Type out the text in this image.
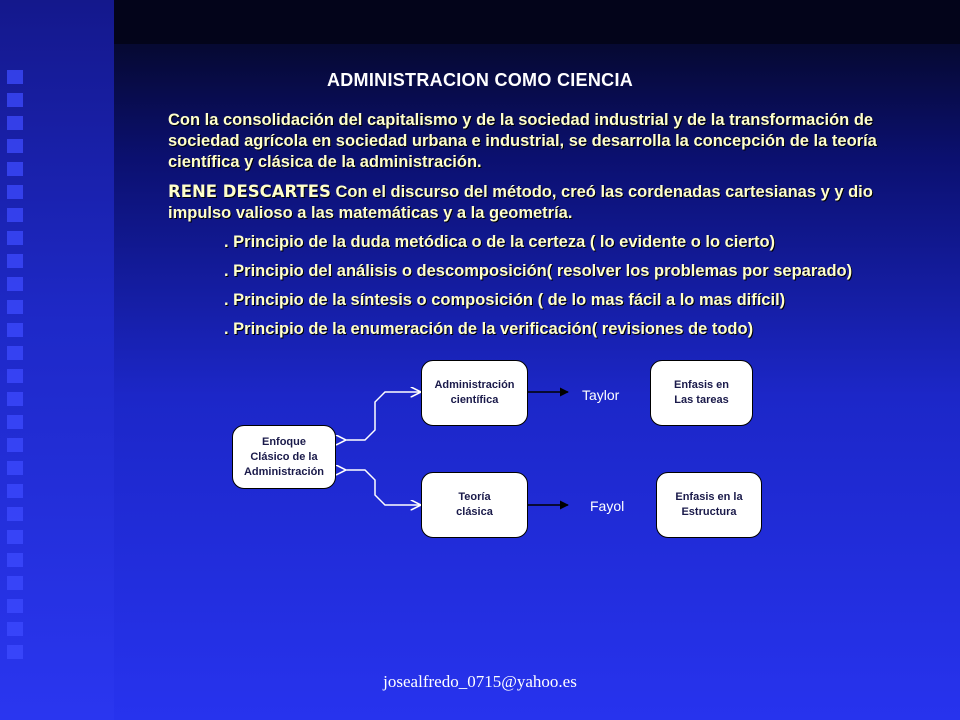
ADMINISTRACION COMO CIENCIA

Con la consolidación del capitalismo y de la sociedad industrial y de la transformación de sociedad agrícola en sociedad urbana e industrial, se desarrolla la concepción de la teoría científica y clásica de la administración.

RENE DESCARTES Con el discurso del método, creó las cordenadas cartesianas y y dio impulso valioso a las matemáticas y a la geometría.

. Principio de la duda metódica o de la certeza ( lo evidente o lo cierto)

. Principio del análisis o descomposición( resolver los problemas por separado)

. Principio de la síntesis o composición ( de lo mas fácil a lo mas difícil)

. Principio de la enumeración de la verificación( revisiones de todo)

Enfoque
Clásico de la
Administración
Administración
científica
Teoría
clásica
Enfasis en
Las tareas
Enfasis en la
Estructura
Taylor
Fayol
josealfredo_0715@yahoo.es
